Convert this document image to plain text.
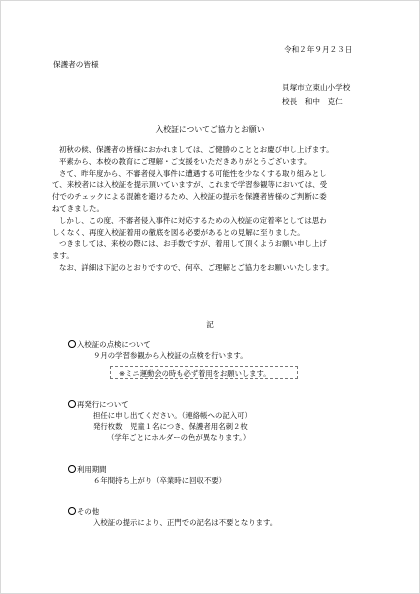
令和２年９月２３日
保護者の皆様
貝塚市立東山小学校
校長　和中　克仁
入校証についてご協力とお願い
初秋の候、保護者の皆様におかれましては、ご健勝のこととお慶び申し上げます。
平素から、本校の教育にご理解・ご支援をいただきありがとうございます。
さて、昨年度から、不審者侵入事件に遭遇する可能性を少なくする取り組みとし
て、来校者には入校証を提示頂いていますが、これまで学習参観等においては、受
付でのチェックによる混雑を避けるため、入校証の提示を保護者皆様のご判断に委
ねてきました。
しかし、この度、不審者侵入事件に対応するための入校証の定着率としては思わ
しくなく、再度入校証着用の徹底を図る必要があるとの見解に至りました。
つきましては、来校の際には、お手数ですが、着用して頂くようお願い申し上げ
ます。
なお、詳細は下記のとおりですので、何卒、ご理解とご協力をお願いいたします。
記
入校証の点検について
９月の学習参観から入校証の点検を行います。
※ミニ運動会の時も必ず着用をお願いします。
再発行について
担任に申し出てください。（連絡帳への記入可）
発行枚数　児童１名につき、保護者用名刺２枚
（学年ごとにホルダーの色が異なります。）
利用期間
６年間持ち上がり（卒業時に回収不要）
その他
入校証の提示により、正門での記名は不要となります。
